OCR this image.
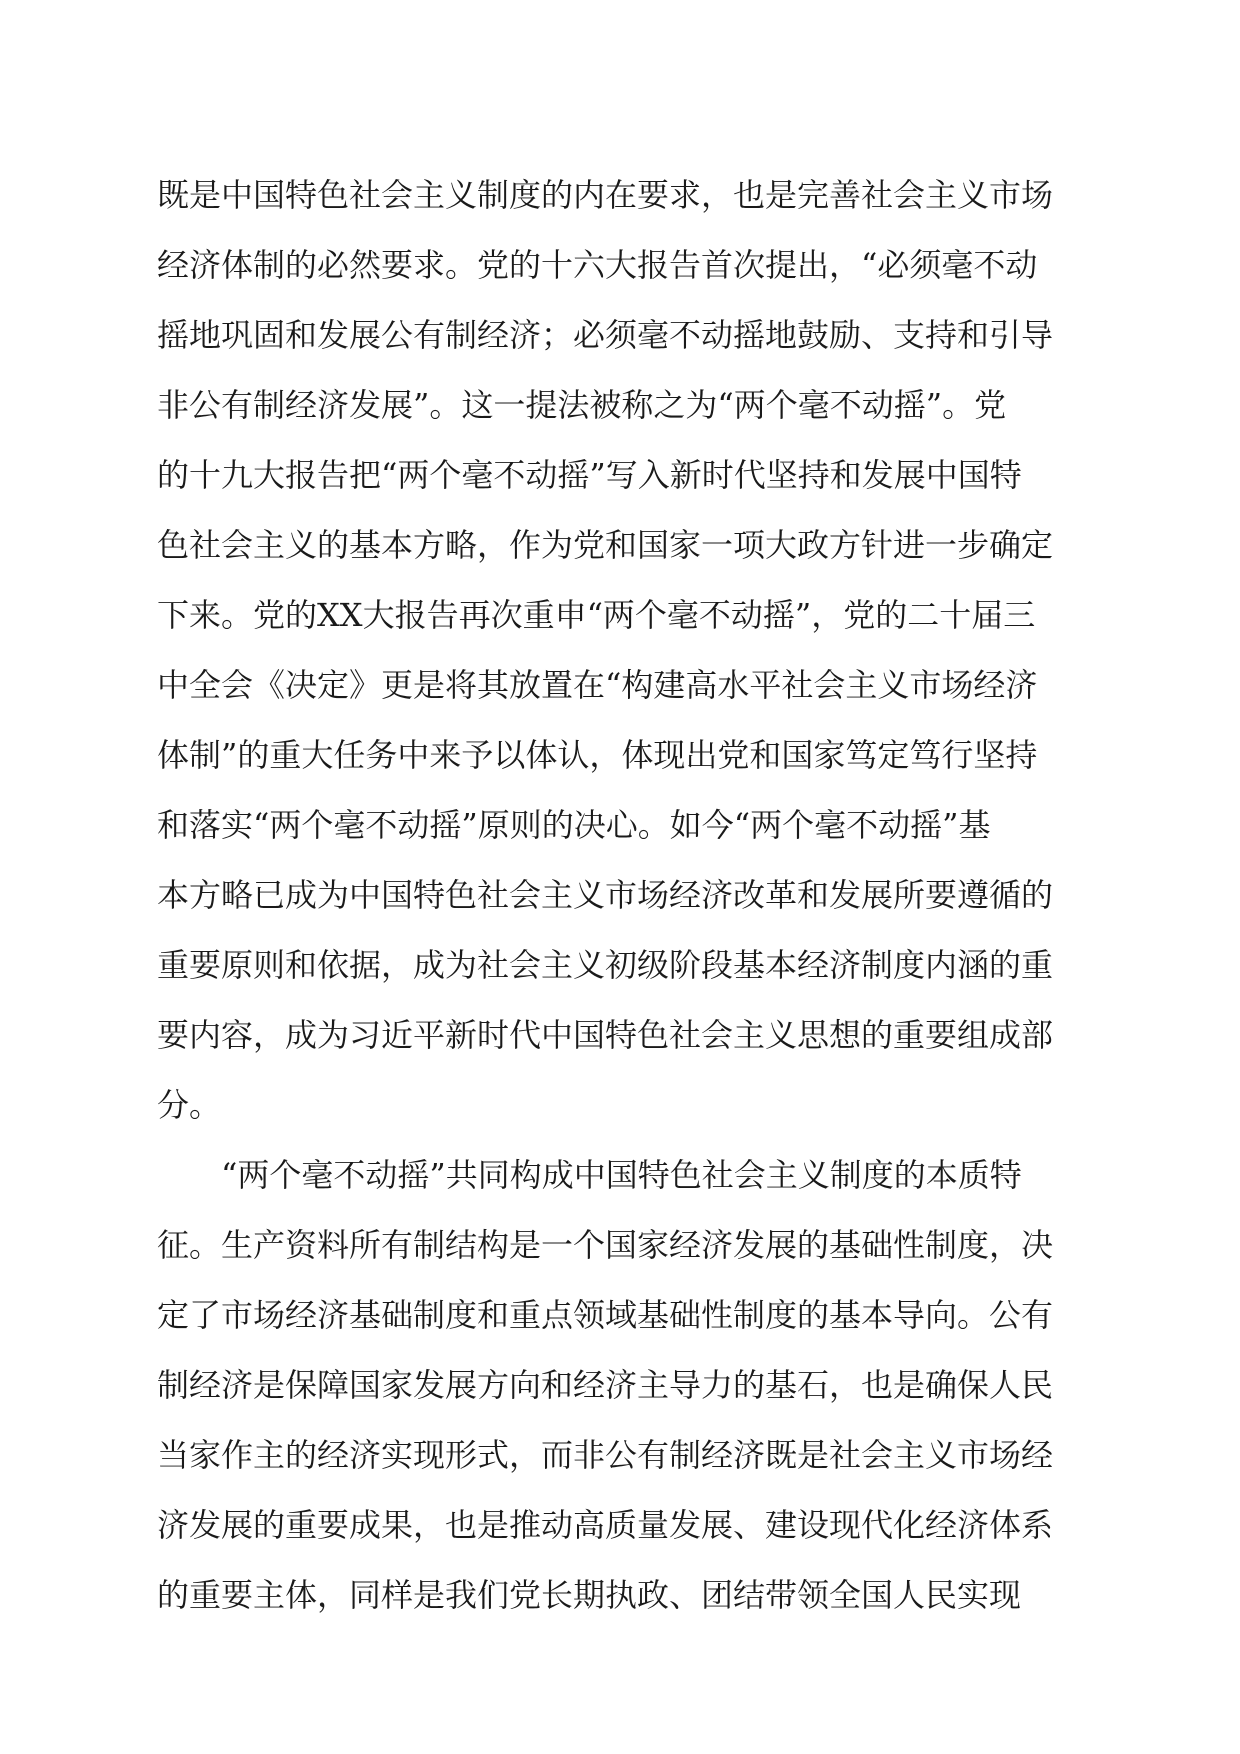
既是中国特色社会主义制度的内在要求，也是完善社会主义市场
经济体制的必然要求。党的十六大报告首次提出，“必须毫不动
摇地巩固和发展公有制经济；必须毫不动摇地鼓励、支持和引导
非公有制经济发展”。这一提法被称之为“两个毫不动摇”。党
的十九大报告把“两个毫不动摇”写入新时代坚持和发展中国特
色社会主义的基本方略，作为党和国家一项大政方针进一步确定
下来。党的XX大报告再次重申“两个毫不动摇”，党的二十届三
中全会《决定》更是将其放置在“构建高水平社会主义市场经济
体制”的重大任务中来予以体认，体现出党和国家笃定笃行坚持
和落实“两个毫不动摇”原则的决心。如今“两个毫不动摇”基
本方略已成为中国特色社会主义市场经济改革和发展所要遵循的
重要原则和依据，成为社会主义初级阶段基本经济制度内涵的重
要内容，成为习近平新时代中国特色社会主义思想的重要组成部
分。
“两个毫不动摇”共同构成中国特色社会主义制度的本质特
征。生产资料所有制结构是一个国家经济发展的基础性制度，决
定了市场经济基础制度和重点领域基础性制度的基本导向。公有
制经济是保障国家发展方向和经济主导力的基石，也是确保人民
当家作主的经济实现形式，而非公有制经济既是社会主义市场经
济发展的重要成果，也是推动高质量发展、建设现代化经济体系
的重要主体，同样是我们党长期执政、团结带领全国人民实现
